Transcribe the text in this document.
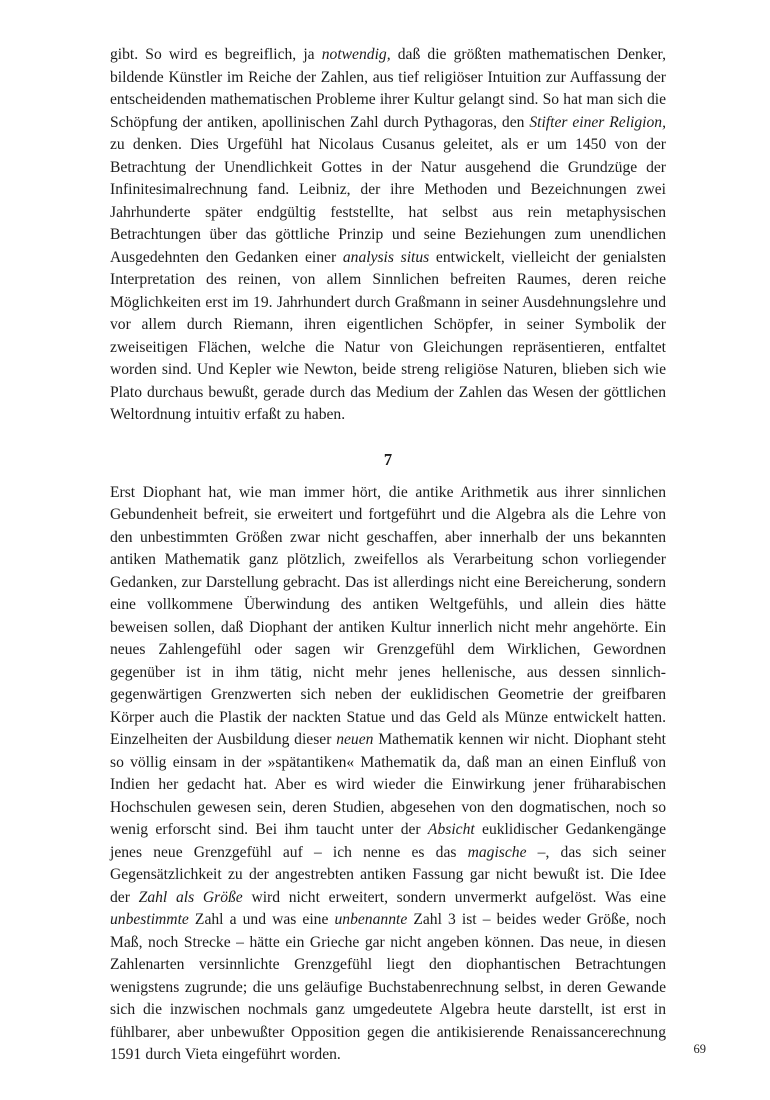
gibt. So wird es begreiflich, ja notwendig, daß die größten mathematischen Denker, bildende Künstler im Reiche der Zahlen, aus tief religiöser Intuition zur Auffassung der entscheidenden mathematischen Probleme ihrer Kultur gelangt sind. So hat man sich die Schöpfung der antiken, apollinischen Zahl durch Pythagoras, den Stifter einer Religion, zu denken. Dies Urgefühl hat Nicolaus Cusanus geleitet, als er um 1450 von der Betrachtung der Unendlichkeit Gottes in der Natur ausgehend die Grundzüge der Infinitesimalrechnung fand. Leibniz, der ihre Methoden und Bezeichnungen zwei Jahrhunderte später endgültig feststellte, hat selbst aus rein metaphysischen Betrachtungen über das göttliche Prinzip und seine Beziehungen zum unendlichen Ausgedehnten den Gedanken einer analysis situs entwickelt, vielleicht der genialsten Interpretation des reinen, von allem Sinnlichen befreiten Raumes, deren reiche Möglichkeiten erst im 19. Jahrhundert durch Graßmann in seiner Ausdehnungslehre und vor allem durch Riemann, ihren eigentlichen Schöpfer, in seiner Symbolik der zweiseitigen Flächen, welche die Natur von Gleichungen repräsentieren, entfaltet worden sind. Und Kepler wie Newton, beide streng religiöse Naturen, blieben sich wie Plato durchaus bewußt, gerade durch das Medium der Zahlen das Wesen der göttlichen Weltordnung intuitiv erfaßt zu haben.

7

Erst Diophant hat, wie man immer hört, die antike Arithmetik aus ihrer sinnlichen Gebundenheit befreit, sie erweitert und fortgeführt und die Algebra als die Lehre von den unbestimmten Größen zwar nicht geschaffen, aber innerhalb der uns bekannten antiken Mathematik ganz plötzlich, zweifellos als Verarbeitung schon vorliegender Gedanken, zur Darstellung gebracht. Das ist allerdings nicht eine Bereicherung, sondern eine vollkommene Überwindung des antiken Weltgefühls, und allein dies hätte beweisen sollen, daß Diophant der antiken Kultur innerlich nicht mehr angehörte. Ein neues Zahlengefühl oder sagen wir Grenzgefühl dem Wirklichen, Gewordnen gegenüber ist in ihm tätig, nicht mehr jenes hellenische, aus dessen sinnlich-gegenwärtigen Grenzwerten sich neben der euklidischen Geometrie der greifbaren Körper auch die Plastik der nackten Statue und das Geld als Münze entwickelt hatten. Einzelheiten der Ausbildung dieser neuen Mathematik kennen wir nicht. Diophant steht so völlig einsam in der »spätantiken« Mathematik da, daß man an einen Einfluß von Indien her gedacht hat. Aber es wird wieder die Einwirkung jener früharabischen Hochschulen gewesen sein, deren Studien, abgesehen von den dogmatischen, noch so wenig erforscht sind. Bei ihm taucht unter der Absicht euklidischer Gedankengänge jenes neue Grenzgefühl auf – ich nenne es das magische –, das sich seiner Gegensätzlichkeit zu der angestrebten antiken Fassung gar nicht bewußt ist. Die Idee der Zahl als Größe wird nicht erweitert, sondern unvermerkt aufgelöst. Was eine unbestimmte Zahl a und was eine unbenannte Zahl 3 ist – beides weder Größe, noch Maß, noch Strecke – hätte ein Grieche gar nicht angeben können. Das neue, in diesen Zahlenarten versinnlichte Grenzgefühl liegt den diophantischen Betrachtungen wenigstens zugrunde; die uns geläufige Buchstabenrechnung selbst, in deren Gewande sich die inzwischen nochmals ganz umgedeutete Algebra heute darstellt, ist erst in fühlbarer, aber unbewußter Opposition gegen die antikisierende Renaissancerechnung 1591 durch Vieta eingeführt worden.	69
